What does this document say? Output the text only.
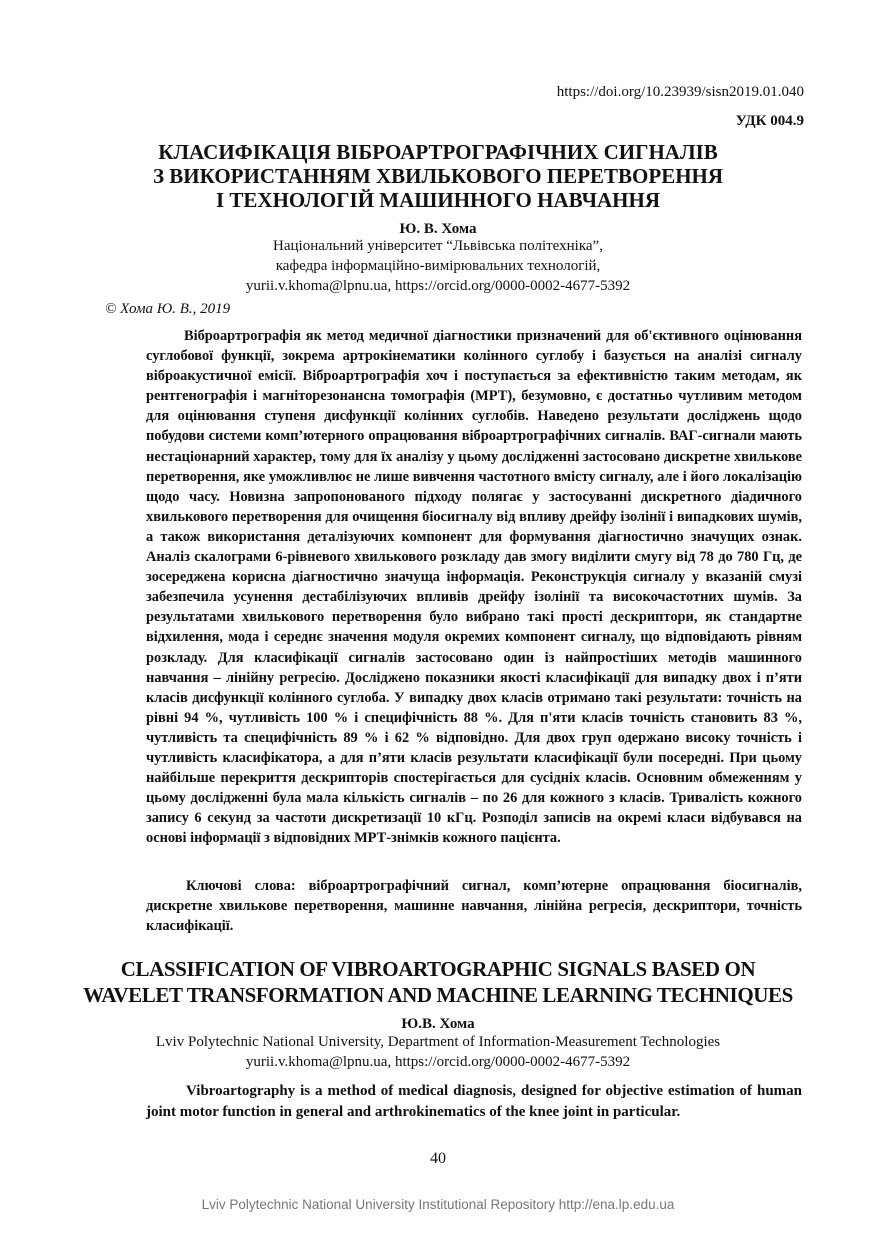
https://doi.org/10.23939/sisn2019.01.040
УДК 004.9
КЛАСИФІКАЦІЯ ВІБРОАРТРОГРАФІЧНИХ СИГНАЛІВ
З ВИКОРИСТАННЯМ ХВИЛЬКОВОГО ПЕРЕТВОРЕННЯ
І ТЕХНОЛОГІЙ МАШИННОГО НАВЧАННЯ
Ю. В. Хома
Національний університет “Львівська політехніка”,
кафедра інформаційно-вимірювальних технологій,
yurii.v.khoma@lpnu.ua, https://orcid.org/0000-0002-4677-5392
© Хома Ю. В., 2019
Віброартрографія як метод медичної діагностики призначений для об'єктивного оцінювання суглобової функції, зокрема артрокінематики колінного суглобу і базується на аналізі сигналу віброакустичної емісії. Віброартрографія хоч і поступається за ефективністю таким методам, як рентгенографія і магніторезонансна томографія (МРТ), безумовно, є достатньо чутливим методом для оцінювання ступеня дисфункції колінних суглобів. Наведено результати досліджень щодо побудови системи комп’ютерного опрацювання віброартрографічних сигналів. ВАГ-сигнали мають нестаціонарний характер, тому для їх аналізу у цьому дослідженні застосовано дискретне хвилькове перетворення, яке уможливлює не лише вивчення частотного вмісту сигналу, але і його локалізацію щодо часу. Новизна запропонованого підходу полягає у застосуванні дискретного діадичного хвилькового перетворення для очищення біосигналу від впливу дрейфу ізолінії і випадкових шумів, а також використання деталізуючих компонент для формування діагностично значущих ознак. Аналіз скалограми 6-рівневого хвилькового розкладу дав змогу виділити смугу від 78 до 780 Гц, де зосереджена корисна діагностично значуща інформація. Реконструкція сигналу у вказаній смузі забезпечила усунення дестабілізуючих впливів дрейфу ізолінії та високочастотних шумів. За результатами хвилькового перетворення було вибрано такі прості дескриптори, як стандартне відхилення, мода і середнє значення модуля окремих компонент сигналу, що відповідають рівням розкладу. Для класифікації сигналів застосовано один із найпростіших методів машинного навчання – лінійну регресію. Досліджено показники якості класифікації для випадку двох і п’яти класів дисфункції колінного суглоба. У випадку двох класів отримано такі результати: точність на рівні 94 %, чутливість 100 % і специфічність 88 %. Для п'яти класів точність становить 83 %, чутливість та специфічність 89 % і 62 % відповідно. Для двох груп одержано високу точність і чутливість класифікатора, а для п’яти класів результати класифікації були посередні. При цьому найбільше перекриття дескрипторів спостерігається для сусідніх класів. Основним обмеженням у цьому дослідженні була мала кількість сигналів – по 26 для кожного з класів. Тривалість кожного запису 6 секунд за частоти дискретизації 10 кГц. Розподіл записів на окремі класи відбувався на основі інформації з відповідних МРТ-знімків кожного пацієнта.
Ключові слова: віброартрографічний сигнал, комп’ютерне опрацювання біосигналів, дискретне хвилькове перетворення, машинне навчання, лінійна регресія, дескриптори, точність класифікації.
CLASSIFICATION OF VIBROARTOGRAPHIC SIGNALS BASED ON
WAVELET TRANSFORMATION AND MACHINE LEARNING TECHNIQUES
Ю.В. Хома
Lviv Polytechnic National University, Department of Information-Measurement Technologies
yurii.v.khoma@lpnu.ua, https://orcid.org/0000-0002-4677-5392
Vibroartography is a method of medical diagnosis, designed for objective estimation of human joint motor function in general and arthrokinematics of the knee joint in particular.
40
Lviv Polytechnic National University Institutional Repository http://ena.lp.edu.ua
